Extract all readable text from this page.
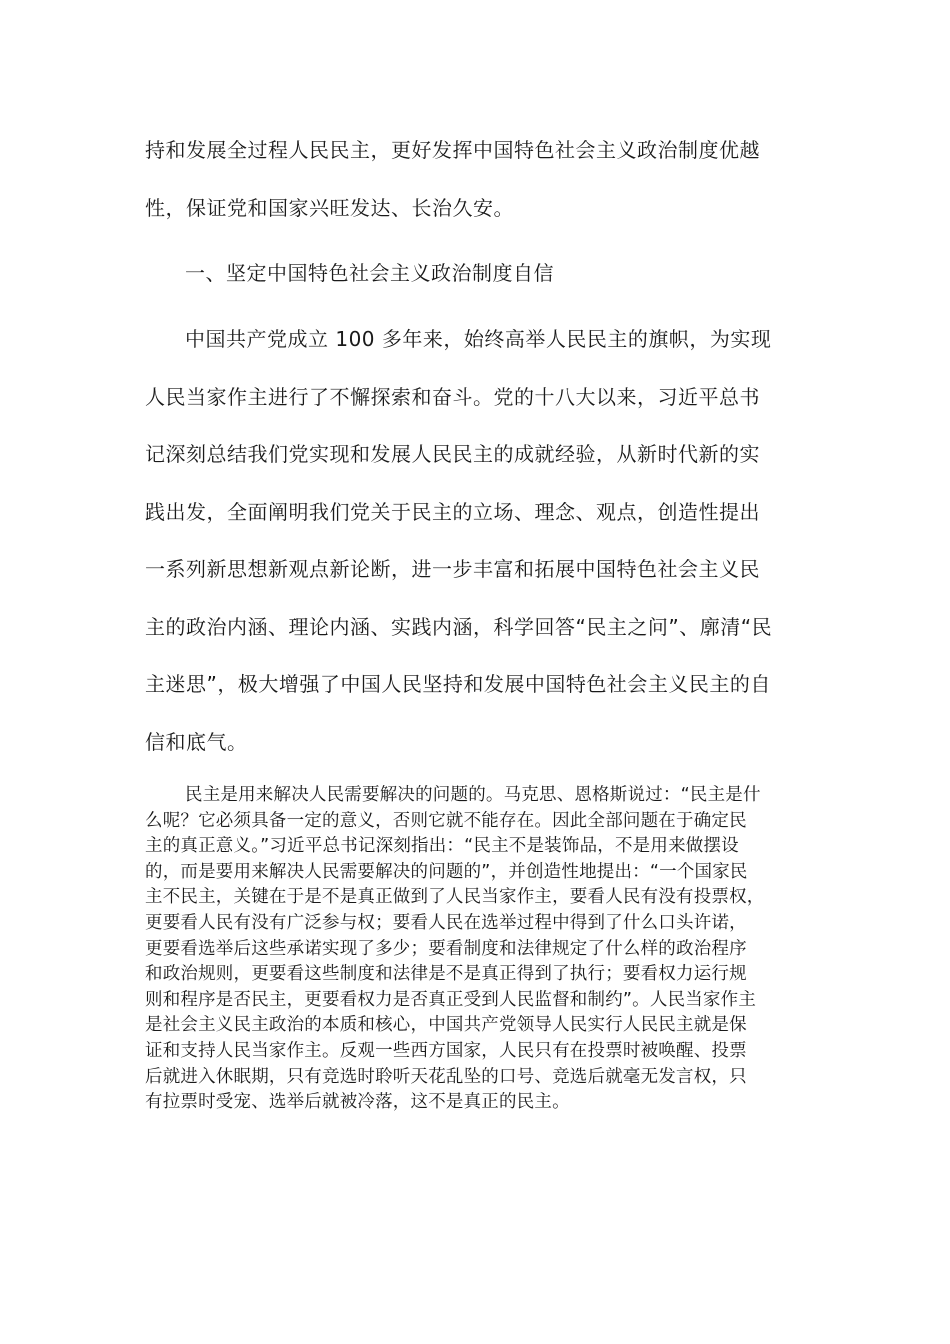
持和发展全过程人民民主，更好发挥中国特色社会主义政治制度优越
性，保证党和国家兴旺发达、长治久安。
一、坚定中国特色社会主义政治制度自信
中国共产党成立 100 多年来，始终高举人民民主的旗帜，为实现
人民当家作主进行了不懈探索和奋斗。党的十八大以来，习近平总书
记深刻总结我们党实现和发展人民民主的成就经验，从新时代新的实
践出发，全面阐明我们党关于民主的立场、理念、观点，创造性提出
一系列新思想新观点新论断，进一步丰富和拓展中国特色社会主义民
主的政治内涵、理论内涵、实践内涵，科学回答“民主之问”、廓清“民
主迷思”，极大增强了中国人民坚持和发展中国特色社会主义民主的自
信和底气。
民主是用来解决人民需要解决的问题的。马克思、恩格斯说过：“民主是什
么呢？它必须具备一定的意义，否则它就不能存在。因此全部问题在于确定民
主的真正意义。”习近平总书记深刻指出：“民主不是装饰品，不是用来做摆设
的，而是要用来解决人民需要解决的问题的”，并创造性地提出：“一个国家民
主不民主，关键在于是不是真正做到了人民当家作主，要看人民有没有投票权，
更要看人民有没有广泛参与权；要看人民在选举过程中得到了什么口头许诺，
更要看选举后这些承诺实现了多少；要看制度和法律规定了什么样的政治程序
和政治规则，更要看这些制度和法律是不是真正得到了执行；要看权力运行规
则和程序是否民主，更要看权力是否真正受到人民监督和制约”。人民当家作主
是社会主义民主政治的本质和核心，中国共产党领导人民实行人民民主就是保
证和支持人民当家作主。反观一些西方国家，人民只有在投票时被唤醒、投票
后就进入休眠期，只有竞选时聆听天花乱坠的口号、竞选后就毫无发言权，只
有拉票时受宠、选举后就被冷落，这不是真正的民主。
